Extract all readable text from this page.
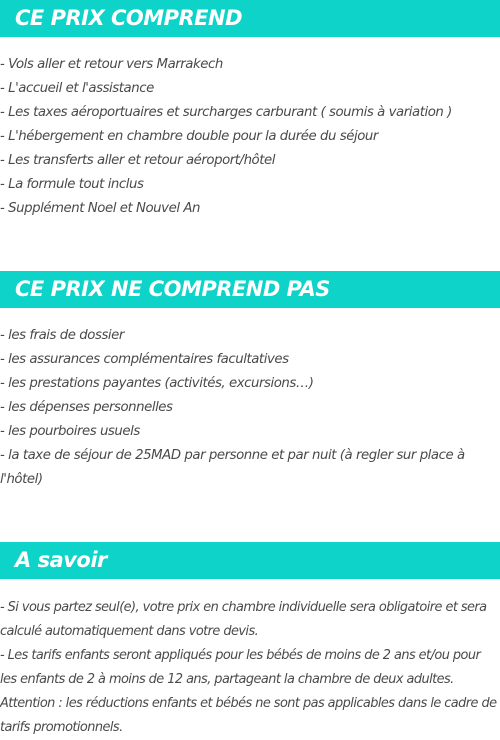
CE PRIX COMPREND
- Vols aller et retour vers Marrakech
- L'accueil et l'assistance
- Les taxes aéroportuaires et surcharges carburant ( soumis à variation )
- L'hébergement en chambre double pour la durée du séjour
- Les transferts aller et retour aéroport/hôtel
- La formule tout inclus
- Supplément Noel et Nouvel An
CE PRIX NE COMPREND PAS
- les frais de dossier
- les assurances complémentaires facultatives
- les prestations payantes (activités, excursions…)
- les dépenses personnelles
- les pourboires usuels
- la taxe de séjour de 25MAD par personne et par nuit (à regler sur place à l'hôtel)
A savoir
- Si vous partez seul(e), votre prix en chambre individuelle sera obligatoire et sera calculé automatiquement dans votre devis.
- Les tarifs enfants seront appliqués pour les bébés de moins de 2 ans et/ou pour les enfants de 2 à moins de 12 ans, partageant la chambre de deux adultes.
Attention : les réductions enfants et bébés ne sont pas applicables dans le cadre de tarifs promotionnels.
